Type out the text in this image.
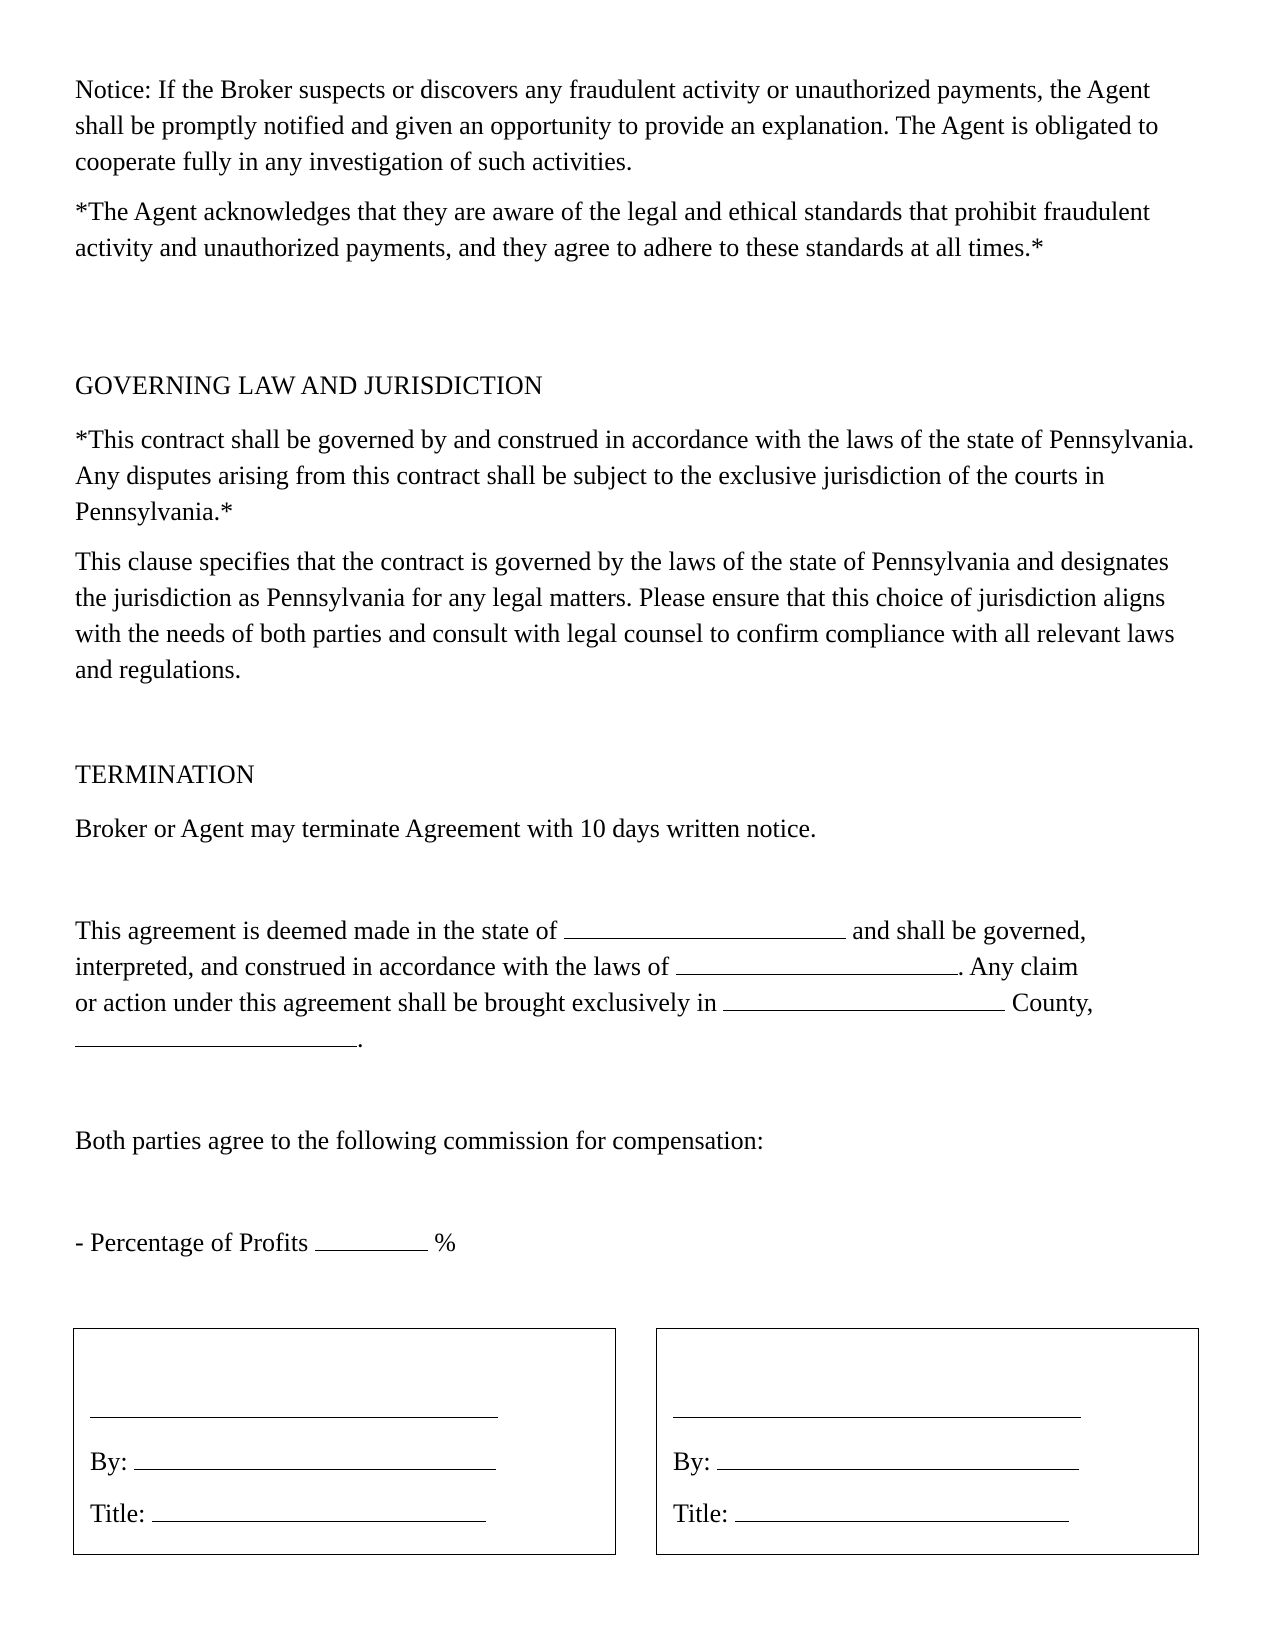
Notice: If the Broker suspects or discovers any fraudulent activity or unauthorized payments, the Agent shall be promptly notified and given an opportunity to provide an explanation. The Agent is obligated to cooperate fully in any investigation of such activities.

*The Agent acknowledges that they are aware of the legal and ethical standards that prohibit fraudulent activity and unauthorized payments, and they agree to adhere to these standards at all times.*

GOVERNING LAW AND JURISDICTION

*This contract shall be governed by and construed in accordance with the laws of the state of Pennsylvania. Any disputes arising from this contract shall be subject to the exclusive jurisdiction of the courts in Pennsylvania.*

This clause specifies that the contract is governed by the laws of the state of Pennsylvania and designates the jurisdiction as Pennsylvania for any legal matters. Please ensure that this choice of jurisdiction aligns with the needs of both parties and consult with legal counsel to confirm compliance with all relevant laws and regulations.

TERMINATION

Broker or Agent may terminate Agreement with 10 days written notice.

This agreement is deemed made in the state of	and shall be governed,
interpreted, and construed in accordance with the laws of	. Any claim
or action under this agreement shall be brought exclusively in	County,
.

Both parties agree to the following commission for compensation:

- Percentage of Profits	%
By:
Title:
By:
Title:
